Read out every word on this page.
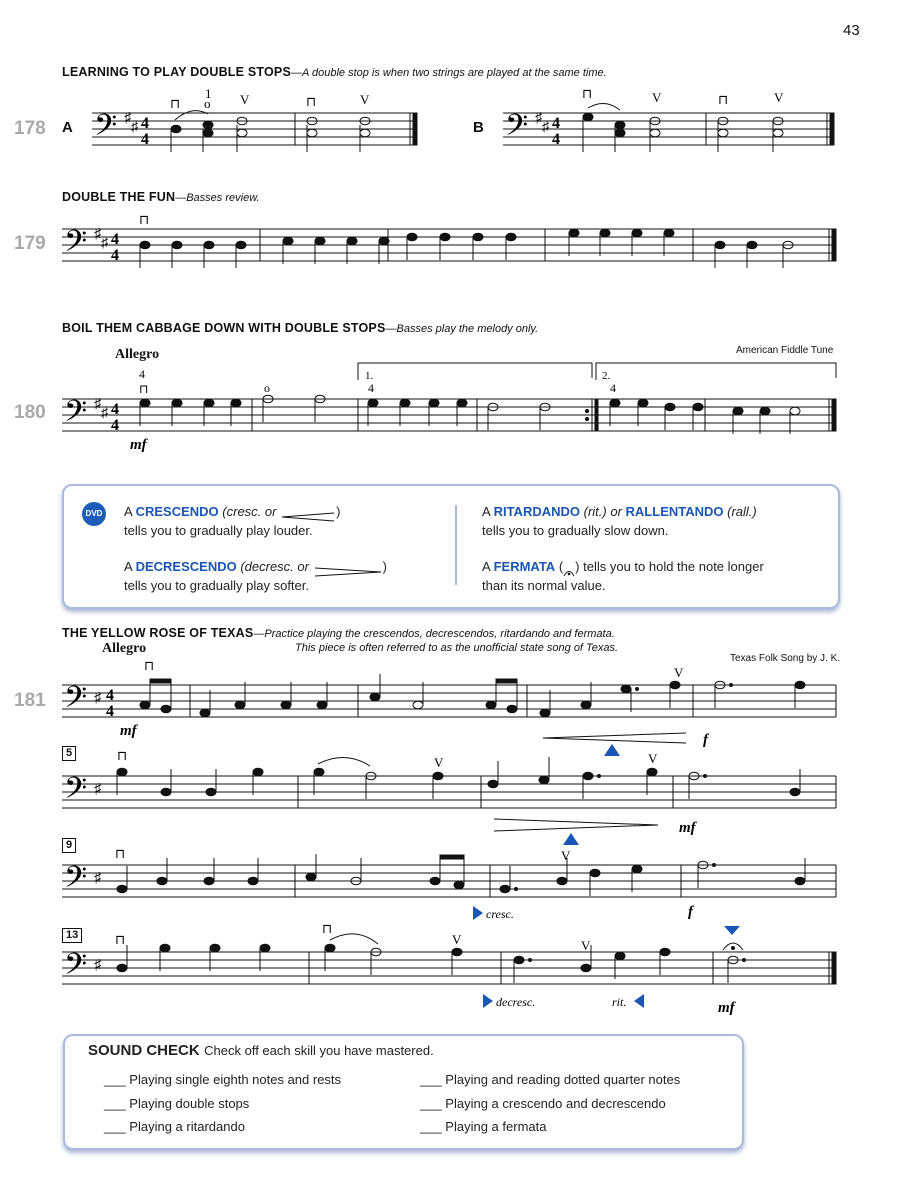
43
LEARNING TO PLAY DOUBLE STOPS—A double stop is when two strings are played at the same time.
178 A	B
𝄢 ♯
♯ 4
4
⊓
1
o V	⊓	V
𝄢 ♯
♯ 4
4
⊓	V	⊓	V
𝄢 ♯
♯ 4
4
⊓
𝄢 ♯
♯ 4
4
4
⊓	o	4	4
1.	2.
mf
𝄢 ♯ 4
4
⊓	V
mf
f
𝄢 ♯
⊓	V	V
mf
𝄢 ♯
⊓	V
f
cresc.
𝄢 ♯
⊓
⊓
V	V
decresc.	rit.	mf
DOUBLE THE FUN—Basses review.
179
BOIL THEM CABBAGE DOWN WITH DOUBLE STOPS—Basses play the melody only.
180
Allegro	American Fiddle Tune
DVD A CRESCENDO (cresc. or	)
tells you to gradually play louder.
A DECRESCENDO (decresc. or	)
tells you to gradually play softer.
A RITARDANDO (rit.) or RALLENTANDO (rall.)
tells you to gradually slow down.
A FERMATA ( ) tells you to hold the note longer
than its normal value.
THE YELLOW ROSE OF TEXAS—Practice playing the crescendos, decrescendos, ritardando and fermata.
This piece is often referred to as the unofficial state song of Texas.
Allegro
Texas Folk Song by J. K.
181
5
9
13
SOUND CHECK Check off each skill you have mastered.
___ Playing single eighth notes and rests
___ Playing double stops
___ Playing a ritardando
___ Playing and reading dotted quarter notes
___ Playing a crescendo and decrescendo
___ Playing a fermata
